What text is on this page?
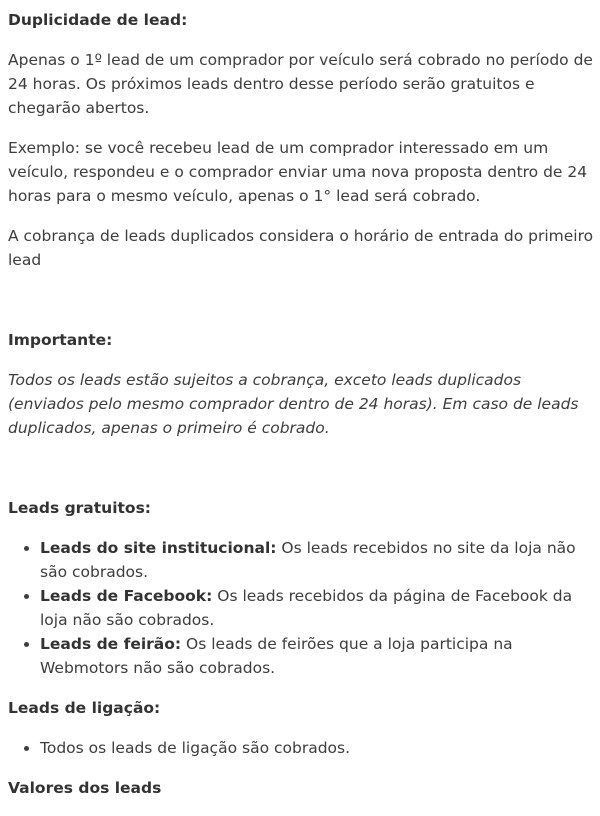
Duplicidade de lead:

Apenas o 1º lead de um comprador por veículo será cobrado no período de 24 horas. Os próximos leads dentro desse período serão gratuitos e chegarão abertos.

Exemplo: se você recebeu lead de um comprador interessado em um veículo, respondeu e o comprador enviar uma nova proposta dentro de 24 horas para o mesmo veículo, apenas o 1° lead será cobrado.

A cobrança de leads duplicados considera o horário de entrada do primeiro lead

Importante:

Todos os leads estão sujeitos a cobrança, exceto leads duplicados (enviados pelo mesmo comprador dentro de 24 horas). Em caso de leads duplicados, apenas o primeiro é cobrado.

Leads gratuitos:

• Leads do site institucional: Os leads recebidos no site da loja não são cobrados.
• Leads de Facebook: Os leads recebidos da página de Facebook da loja não são cobrados.
• Leads de feirão: Os leads de feirões que a loja participa na Webmotors não são cobrados.

Leads de ligação:

• Todos os leads de ligação são cobrados.

Valores dos leads
